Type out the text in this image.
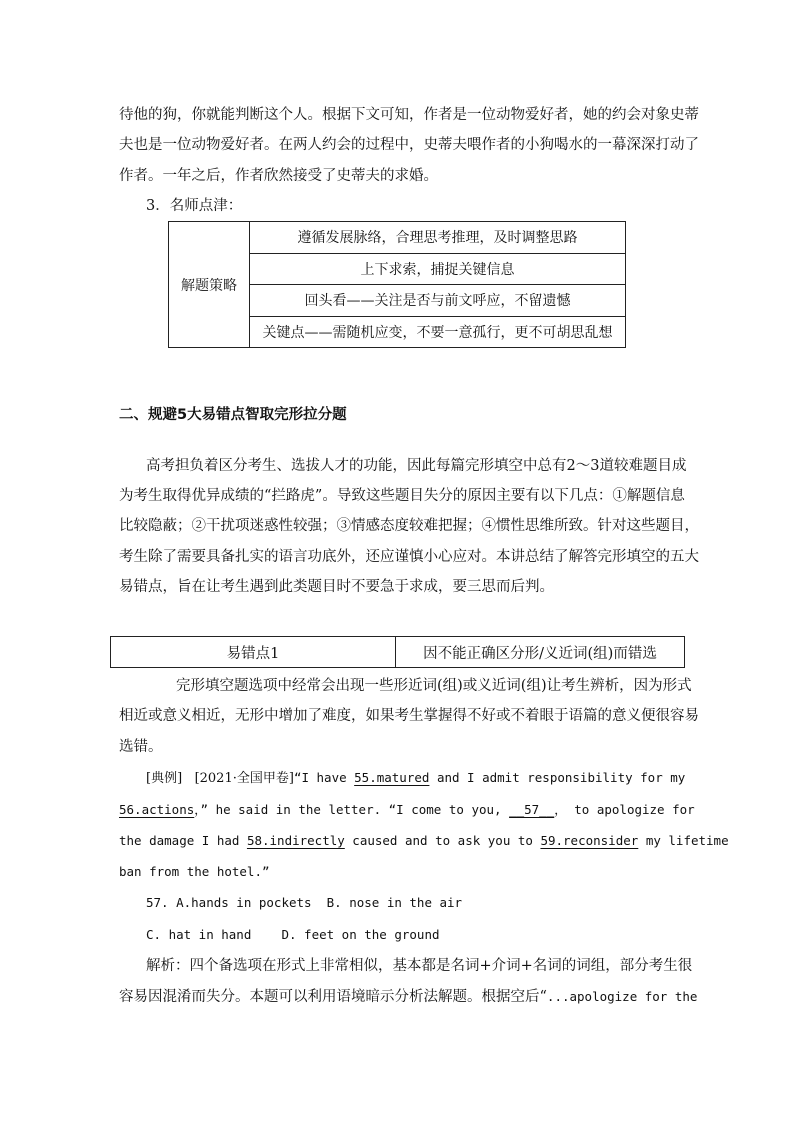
待他的狗，你就能判断这个人。根据下文可知，作者是一位动物爱好者，她的约会对象史蒂
夫也是一位动物爱好者。在两人约会的过程中，史蒂夫喂作者的小狗喝水的一幕深深打动了
作者。一年之后，作者欣然接受了史蒂夫的求婚。
3．名师点津：
解题策略	遵循发展脉络，合理思考推理，及时调整思路
上下求索，捕捉关键信息
回头看——关注是否与前文呼应，不留遗憾
关键点——需随机应变，不要一意孤行，更不可胡思乱想
二、规避5大易错点智取完形拉分题
高考担负着区分考生、选拔人才的功能，因此每篇完形填空中总有2～3道较难题目成
为考生取得优异成绩的“拦路虎”。导致这些题目失分的原因主要有以下几点：①解题信息
比较隐蔽；②干扰项迷惑性较强；③情感态度较难把握；④惯性思维所致。针对这些题目，
考生除了需要具备扎实的语言功底外，还应谨慎小心应对。本讲总结了解答完形填空的五大
易错点，旨在让考生遇到此类题目时不要急于求成，要三思而后判。
易错点1	因不能正确区分形/义近词(组)而错选
完形填空题选项中经常会出现一些形近词(组)或义近词(组)让考生辨析，因为形式
相近或意义相近，无形中增加了难度，如果考生掌握得不好或不着眼于语篇的意义便很容易
选错。
[典例] [2021·全国甲卷]“I have 55.matured and I admit responsibility for my
56.actions，” he said in the letter. “I come to you, __57__， to apologize for
the damage I had 58.indirectly caused and to ask you to 59.reconsider my lifetime
ban from the hotel.”
57. A.hands in pockets  B. nose in the air
C. hat in hand    D. feet on the ground
解析：四个备选项在形式上非常相似，基本都是名词+介词+名词的词组，部分考生很
容易因混淆而失分。本题可以利用语境暗示分析法解题。根据空后“...apologize for the
